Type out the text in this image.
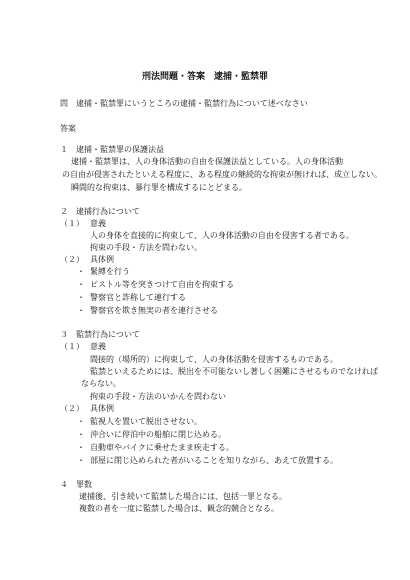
刑法問題・答案　逮捕・監禁罪
問　逮捕・監禁罪にいうところの逮捕・監禁行為について述べなさい
答案
１　逮捕・監禁罪の保護法益
逮捕・監禁罪は、人の身体活動の自由を保護法益としている。人の身体活動
の自由が侵害されたといえる程度に、ある程度の継続的な拘束が無ければ、成立しない。
瞬間的な拘束は、暴行罪を構成するにとどまる。
２　逮捕行為について
（１） 意義
人の身体を直接的に拘束して、人の身体活動の自由を侵害する者である。
拘束の手段・方法を問わない。
（２） 具体例
・ 緊縛を行う
・ ピストル等を突きつけて自由を拘束する
・ 警察官と詐称して連行する
・ 警察官を欺き無実の者を連行させる
３　監禁行為について
（１） 意義
間接的（場所的）に拘束して、人の身体活動を侵害するものである。
監禁といえるためには、脱出を不可能ないし著しく困難にさせるものでなければ
ならない。
拘束の手段・方法のいかんを問わない
（２） 具体例
・ 監視人を置いて脱出させない。
・ 沖合いに停泊中の船舶に閉じ込める。
・ 自動車やバイクに乗せたまま疾走する。
・ 部屋に閉じ込められた者がいることを知りながら、あえて放置する。
４　罪数
逮捕後、引き続いて監禁した場合には、包括一罪となる。
複数の者を一度に監禁した場合は、観念的競合となる。
